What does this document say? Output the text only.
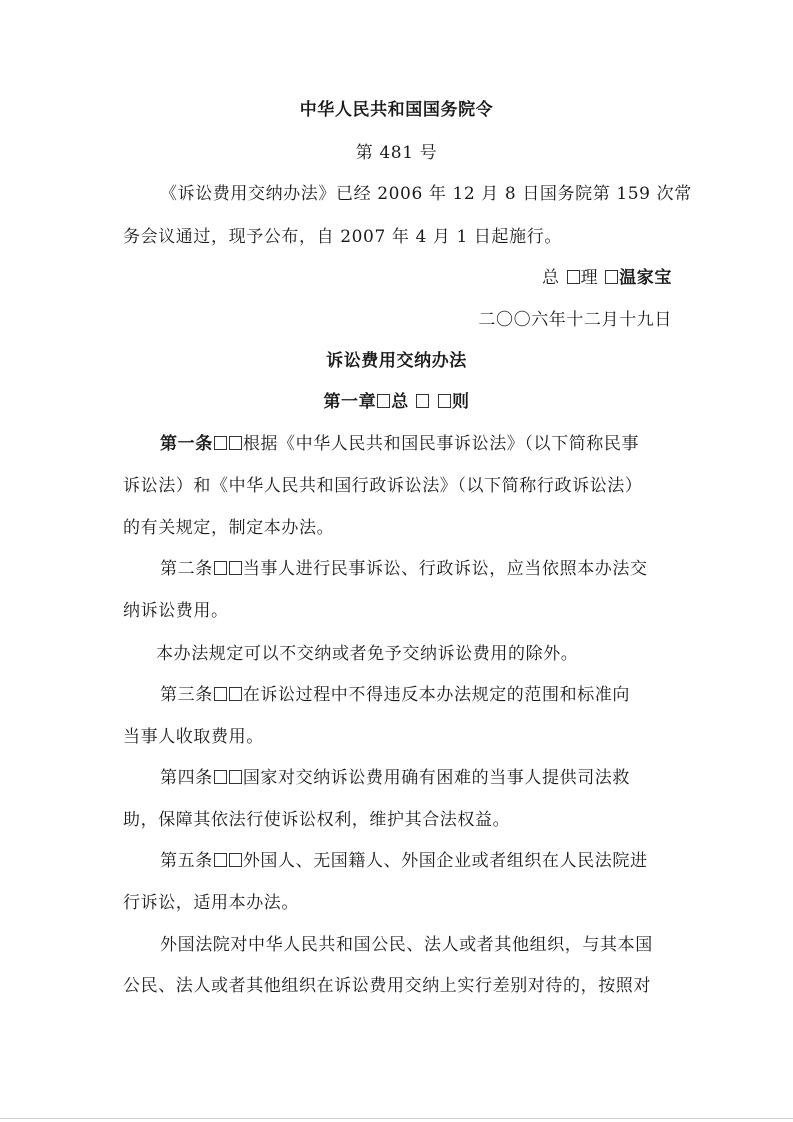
中华人民共和国国务院令
第 481 号
《诉讼费用交纳办法》已经 2006 年 12 月 8 日国务院第 159 次常
务会议通过，现予公布，自 2007 年 4 月 1 日起施行。
总 理 温家宝
二〇〇六年十二月十九日
诉讼费用交纳办法
第一章 总	则
第一条 根据《中华人民共和国民事诉讼法》（以下简称民事
诉讼法）和《中华人民共和国行政诉讼法》（以下简称行政诉讼法）
的有关规定，制定本办法。
第二条 当事人进行民事诉讼、行政诉讼，应当依照本办法交
纳诉讼费用。
本办法规定可以不交纳或者免予交纳诉讼费用的除外。
第三条 在诉讼过程中不得违反本办法规定的范围和标准向
当事人收取费用。
第四条 国家对交纳诉讼费用确有困难的当事人提供司法救
助，保障其依法行使诉讼权利，维护其合法权益。
第五条 外国人、无国籍人、外国企业或者组织在人民法院进
行诉讼，适用本办法。
外国法院对中华人民共和国公民、法人或者其他组织，与其本国
公民、法人或者其他组织在诉讼费用交纳上实行差别对待的，按照对
